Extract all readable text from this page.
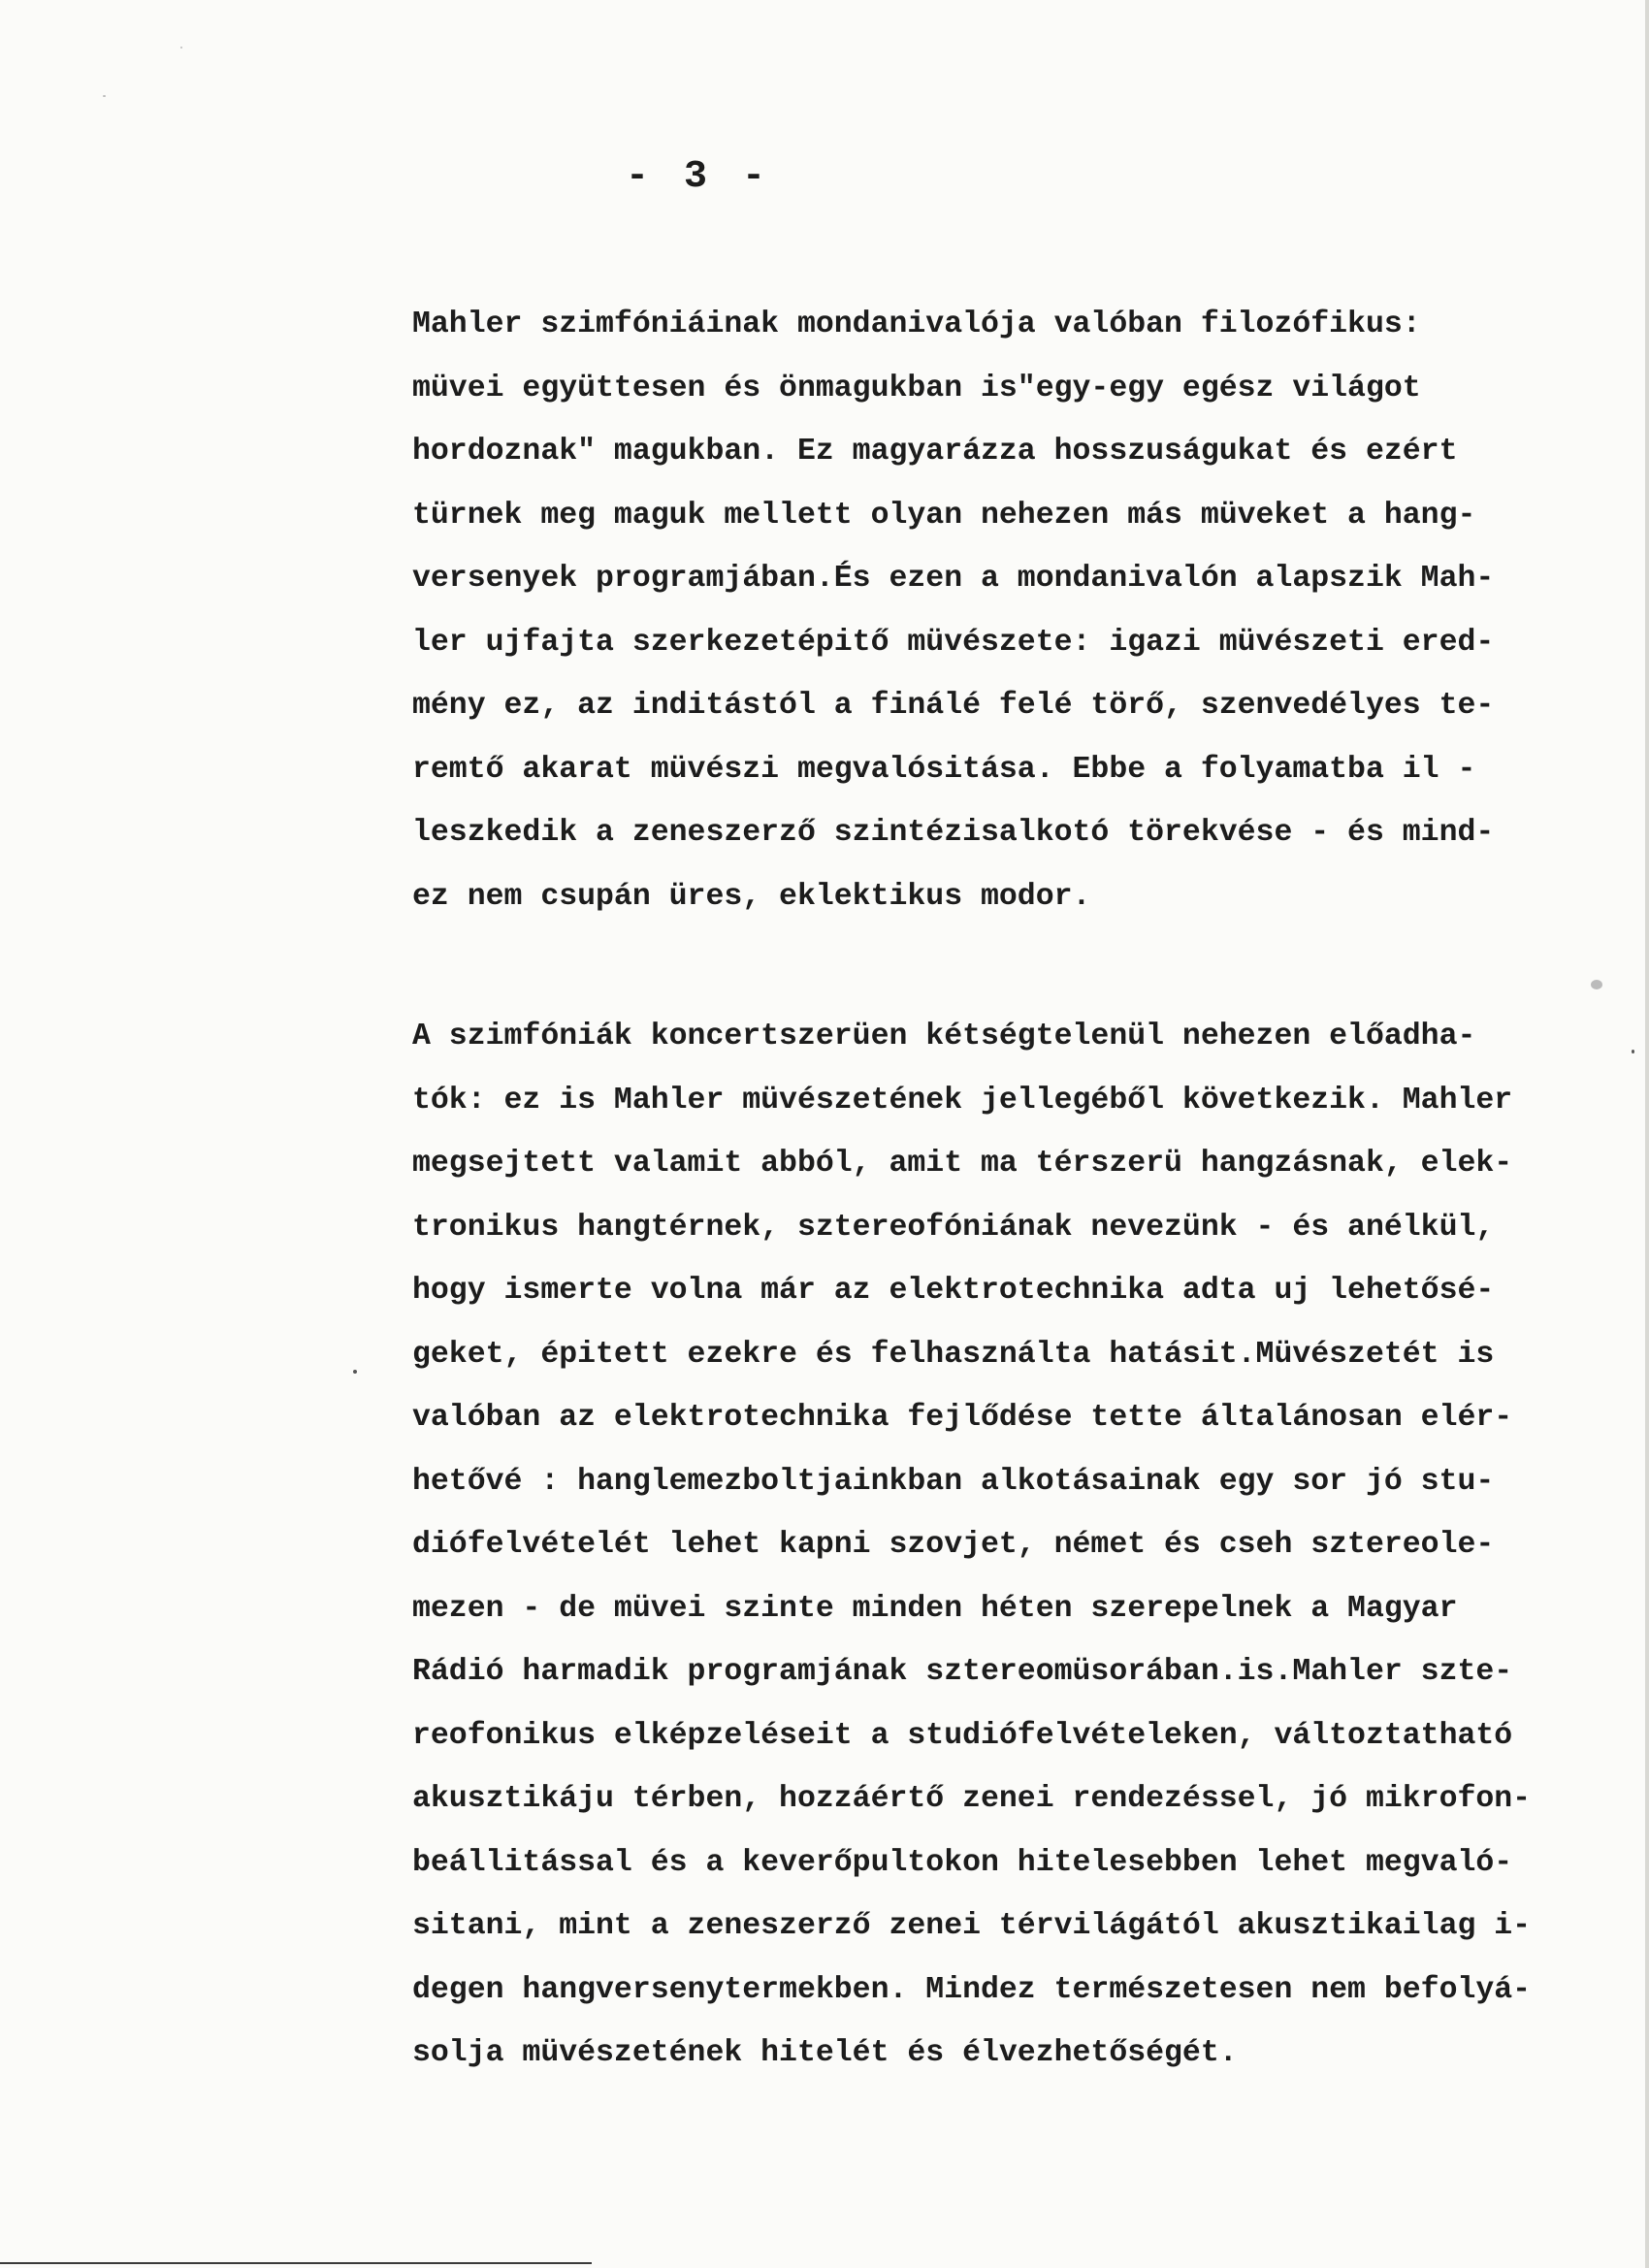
- 3 -
Mahler szimfóniáinak mondanivalója valóban filozófikus:
müvei együttesen és önmagukban is"egy-egy egész világot
hordoznak" magukban. Ez magyarázza hosszuságukat és ezért
türnek meg maguk mellett olyan nehezen más müveket a hang-
versenyek programjában.És ezen a mondanivalón alapszik Mah-
ler ujfajta szerkezetépitő müvészete: igazi müvészeti ered-
mény ez, az inditástól a finálé felé törő, szenvedélyes te-
remtő akarat müvészi megvalósitása. Ebbe a folyamatba il -
leszkedik a zeneszerző szintézisalkotó törekvése - és mind-
ez nem csupán üres, eklektikus modor.
A szimfóniák koncertszerüen kétségtelenül nehezen előadha-
tók: ez is Mahler müvészetének jellegéből következik. Mahler
megsejtett valamit abból, amit ma térszerü hangzásnak, elek-
tronikus hangtérnek, sztereofóniának nevezünk - és anélkül,
hogy ismerte volna már az elektrotechnika adta uj lehetősé-
geket, épitett ezekre és felhasználta hatásit.Müvészetét is
valóban az elektrotechnika fejlődése tette általánosan elér-
hetővé : hanglemezboltjainkban alkotásainak egy sor jó stu-
diófelvételét lehet kapni szovjet, német és cseh sztereole-
mezen - de müvei szinte minden héten szerepelnek a Magyar
Rádió harmadik programjának sztereomüsorában.is.Mahler szte-
reofonikus elképzeléseit a studiófelvételeken, változtatható
akusztikáju térben, hozzáértő zenei rendezéssel, jó mikrofon-
beállitással és a keverőpultokon hitelesebben lehet megvaló-
sitani, mint a zeneszerző zenei térvilágától akusztikailag i-
degen hangversenytermekben. Mindez természetesen nem befolyá-
solja müvészetének hitelét és élvezhetőségét.
